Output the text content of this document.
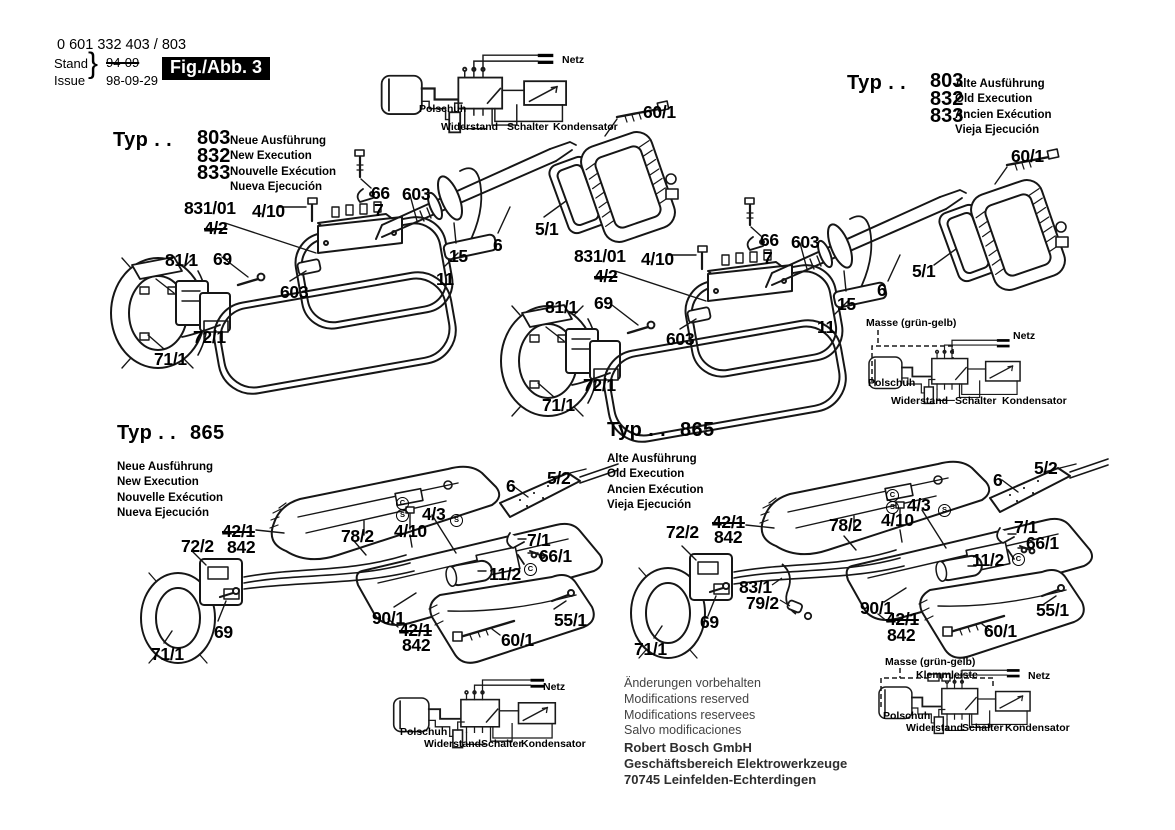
0 601 332 403 / 803
Stand
Issue
} 94-09
98-09-29
Fig./Abb. 3
Typ . . 803
832
833
Neue Ausführung
New Execution
Nouvelle Exécution
Nueva Ejecución
Typ . . 803
832
833
Alte Ausführung
Old Execution
Ancien Exécution
Vieja Ejecución
Typ . . 865
Neue Ausführung
New Execution
Nouvelle Exécution
Nueva Ejecución
Typ . . 865
Alte Ausführung
Old Execution
Ancien Exécution
Vieja Ejecución
Netz
Polschuh
Widerstand Schalter Kondensator
Masse (grün-gelb)
Netz
Polschuh
Widerstand Schalter Kondensator
Netz
Polschuh
Widerstand Schalter
Kondensator
Masse (grün-gelb)
Klemmleiste	Netz
Polschuh
Widerstand
Schalter Kondensator
831/01 4/10
4/2
66
7
603
60/1
5/1
6
15
11
81/1 69
603
72/1
71/1
831/01 4/10
4/2
66
7
603
60/1
5/1
6
15
11
81/1 69
603
72/1
71/1
42/1
842
72/2	78/2 4/10
4/3
7/1
66/1
11/2
90/1
42/1
842	60/1
55/1
69
71/1
6 5/2
C
S
S
C
42/1
842
72/2	78/2 4/10
4/3
7/1
66/1
11/2
83/1
79/2	90/1
42/1
842	60/1
55/1
69
71/1
6
5/2
C
S	S
C
Änderungen vorbehalten
Modifications reserved
Modifications reservees
Salvo modificaciones
Robert Bosch GmbH
Geschäftsbereich Elektrowerkzeuge
70745 Leinfelden-Echterdingen
